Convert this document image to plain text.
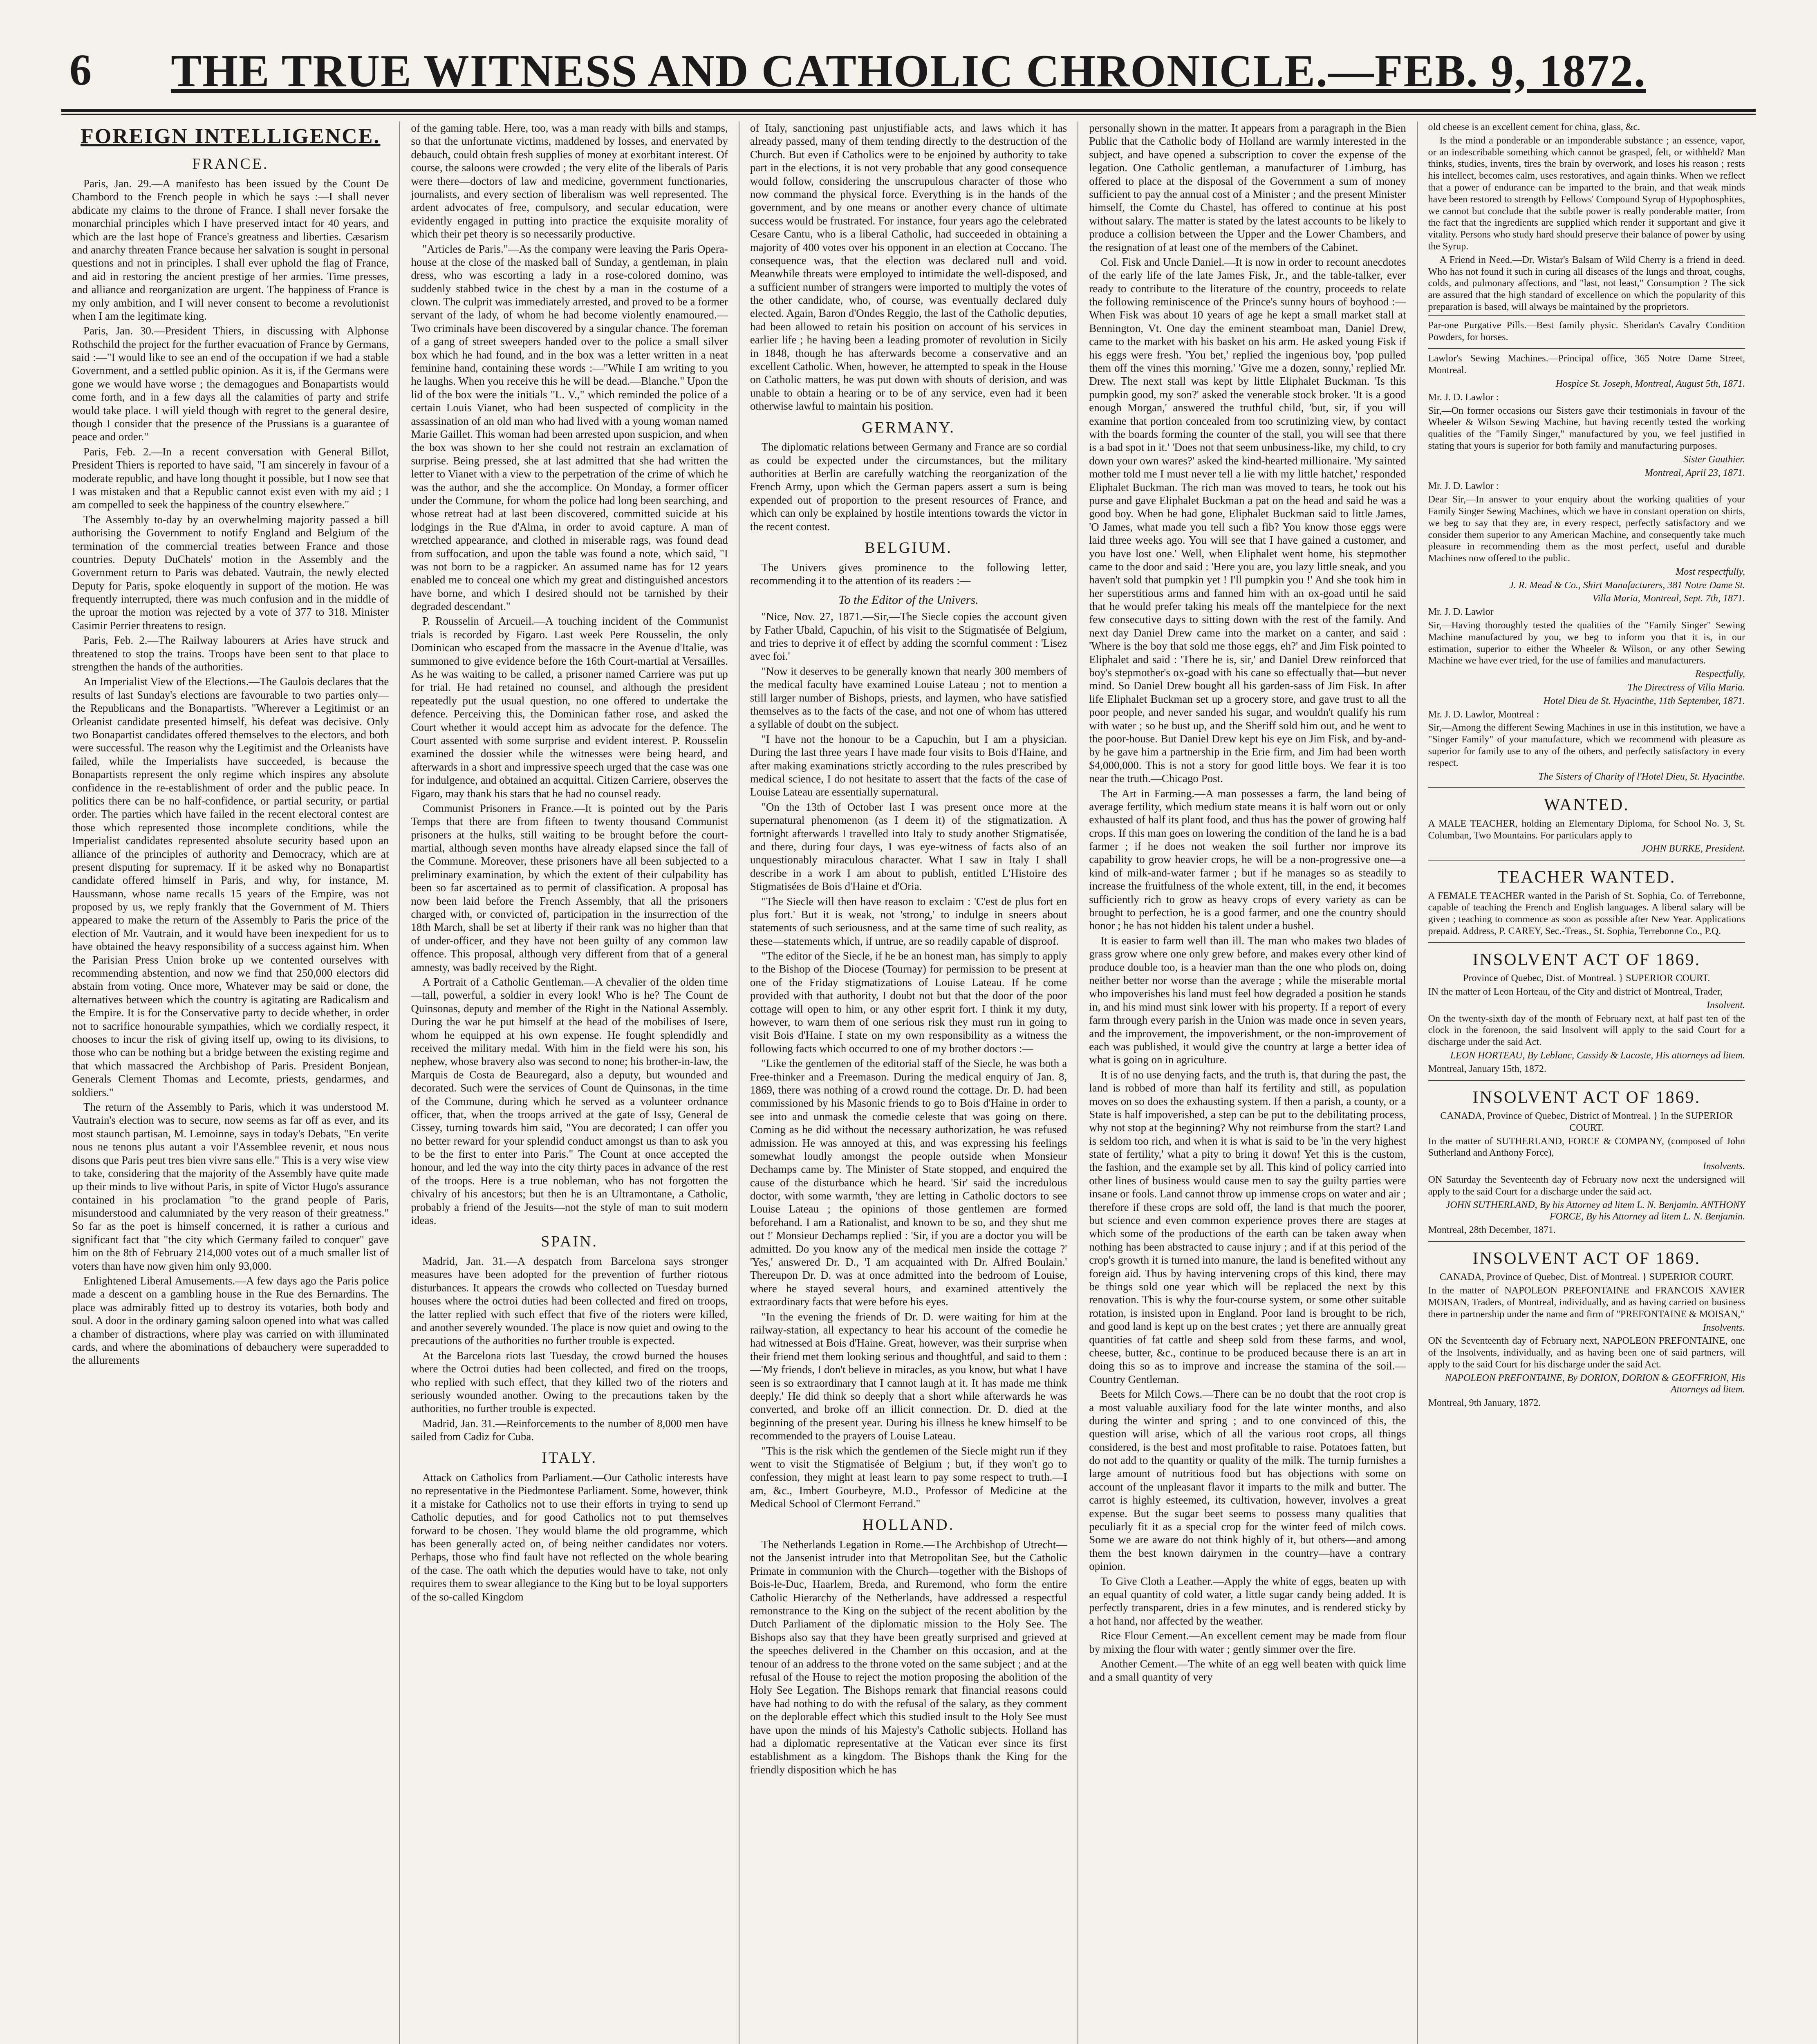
6	THE TRUE WITNESS AND CATHOLIC CHRONICLE.—FEB. 9, 1872.
FOREIGN INTELLIGENCE.
FRANCE.

Paris, Jan. 29.—A manifesto has been issued by the Count De Chambord to the French people in which he says :—I shall never abdicate my claims to the throne of France. I shall never forsake the monarchial principles which I have preserved intact for 40 years, and which are the last hope of France's greatness and liberties. Cæsarism and anarchy threaten France because her salvation is sought in personal questions and not in principles. I shall ever uphold the flag of France, and aid in restoring the ancient prestige of her armies. Time presses, and alliance and reorganization are urgent. The happiness of France is my only ambition, and I will never consent to become a revolutionist when I am the legitimate king.

Paris, Jan. 30.—President Thiers, in discussing with Alphonse Rothschild the project for the further evacuation of France by Germans, said :—"I would like to see an end of the occupation if we had a stable Government, and a settled public opinion. As it is, if the Germans were gone we would have worse ; the demagogues and Bonapartists would come forth, and in a few days all the calamities of party and strife would take place. I will yield though with regret to the general desire, though I consider that the presence of the Prussians is a guarantee of peace and order."

Paris, Feb. 2.—In a recent conversation with General Billot, President Thiers is reported to have said, "I am sincerely in favour of a moderate republic, and have long thought it possible, but I now see that I was mistaken and that a Republic cannot exist even with my aid ; I am compelled to seek the happiness of the country elsewhere."

The Assembly to-day by an overwhelming majority passed a bill authorising the Government to notify England and Belgium of the termination of the commercial treaties between France and those countries. Deputy DuChatels' motion in the Assembly and the Government return to Paris was debated. Vautrain, the newly elected Deputy for Paris, spoke eloquently in support of the motion. He was frequently interrupted, there was much confusion and in the middle of the uproar the motion was rejected by a vote of 377 to 318. Minister Casimir Perrier threatens to resign.

Paris, Feb. 2.—The Railway labourers at Aries have struck and threatened to stop the trains. Troops have been sent to that place to strengthen the hands of the authorities.

An Imperialist View of the Elections.—The Gaulois declares that the results of last Sunday's elections are favourable to two parties only—the Republicans and the Bonapartists. "Wherever a Legitimist or an Orleanist candidate presented himself, his defeat was decisive. Only two Bonapartist candidates offered themselves to the electors, and both were successful. The reason why the Legitimist and the Orleanists have failed, while the Imperialists have succeeded, is because the Bonapartists represent the only regime which inspires any absolute confidence in the re-establishment of order and the public peace. In politics there can be no half-confidence, or partial security, or partial order. The parties which have failed in the recent electoral contest are those which represented those incomplete conditions, while the Imperialist candidates represented absolute security based upon an alliance of the principles of authority and Democracy, which are at present disputing for supremacy. If it be asked why no Bonapartist candidate offered himself in Paris, and why, for instance, M. Haussmann, whose name recalls 15 years of the Empire, was not proposed by us, we reply frankly that the Government of M. Thiers appeared to make the return of the Assembly to Paris the price of the election of Mr. Vautrain, and it would have been inexpedient for us to have obtained the heavy responsibility of a success against him. When the Parisian Press Union broke up we contented ourselves with recommending abstention, and now we find that 250,000 electors did abstain from voting. Once more, Whatever may be said or done, the alternatives between which the country is agitating are Radicalism and the Empire. It is for the Conservative party to decide whether, in order not to sacrifice honourable sympathies, which we cordially respect, it chooses to incur the risk of giving itself up, owing to its divisions, to those who can be nothing but a bridge between the existing regime and that which massacred the Archbishop of Paris. President Bonjean, Generals Clement Thomas and Lecomte, priests, gendarmes, and soldiers."

The return of the Assembly to Paris, which it was understood M. Vautrain's election was to secure, now seems as far off as ever, and its most staunch partisan, M. Lemoinne, says in today's Debats, "En verite nous ne tenons plus autant a voir l'Assemblee revenir, et nous nous disons que Paris peut tres bien vivre sans elle." This is a very wise view to take, considering that the majority of the Assembly have quite made up their minds to live without Paris, in spite of Victor Hugo's assurance contained in his proclamation "to the grand people of Paris, misunderstood and calumniated by the very reason of their greatness." So far as the poet is himself concerned, it is rather a curious and significant fact that "the city which Germany failed to conquer" gave him on the 8th of February 214,000 votes out of a much smaller list of voters than have now given him only 93,000.

Enlightened Liberal Amusements.—A few days ago the Paris police made a descent on a gambling house in the Rue des Bernardins. The place was admirably fitted up to destroy its votaries, both body and soul. A door in the ordinary gaming saloon opened into what was called a chamber of distractions, where play was carried on with illuminated cards, and where the abominations of debauchery were superadded to the allurements

of the gaming table. Here, too, was a man ready with bills and stamps, so that the unfortunate victims, maddened by losses, and enervated by debauch, could obtain fresh supplies of money at exorbitant interest. Of course, the saloons were crowded ; the very elite of the liberals of Paris were there—doctors of law and medicine, government functionaries, journalists, and every section of liberalism was well represented. The ardent advocates of free, compulsory, and secular education, were evidently engaged in putting into practice the exquisite morality of which their pet theory is so necessarily productive.

"Articles de Paris."—As the company were leaving the Paris Opera-house at the close of the masked ball of Sunday, a gentleman, in plain dress, who was escorting a lady in a rose-colored domino, was suddenly stabbed twice in the chest by a man in the costume of a clown. The culprit was immediately arrested, and proved to be a former servant of the lady, of whom he had become violently enamoured.—Two criminals have been discovered by a singular chance. The foreman of a gang of street sweepers handed over to the police a small silver box which he had found, and in the box was a letter written in a neat feminine hand, containing these words :—"While I am writing to you he laughs. When you receive this he will be dead.—Blanche." Upon the lid of the box were the initials "L. V.," which reminded the police of a certain Louis Vianet, who had been suspected of complicity in the assassination of an old man who had lived with a young woman named Marie Gaillet. This woman had been arrested upon suspicion, and when the box was shown to her she could not restrain an exclamation of surprise. Being pressed, she at last admitted that she had written the letter to Vianet with a view to the perpetration of the crime of which he was the author, and she the accomplice. On Monday, a former officer under the Commune, for whom the police had long been searching, and whose retreat had at last been discovered, committed suicide at his lodgings in the Rue d'Alma, in order to avoid capture. A man of wretched appearance, and clothed in miserable rags, was found dead from suffocation, and upon the table was found a note, which said, "I was not born to be a ragpicker. An assumed name has for 12 years enabled me to conceal one which my great and distinguished ancestors have borne, and which I desired should not be tarnished by their degraded descendant."

P. Rousselin of Arcueil.—A touching incident of the Communist trials is recorded by Figaro. Last week Pere Rousselin, the only Dominican who escaped from the massacre in the Avenue d'Italie, was summoned to give evidence before the 16th Court-martial at Versailles. As he was waiting to be called, a prisoner named Carriere was put up for trial. He had retained no counsel, and although the president repeatedly put the usual question, no one offered to undertake the defence. Perceiving this, the Dominican father rose, and asked the Court whether it would accept him as advocate for the defence. The Court assented with some surprise and evident interest. P. Rousselin examined the dossier while the witnesses were being heard, and afterwards in a short and impressive speech urged that the case was one for indulgence, and obtained an acquittal. Citizen Carriere, observes the Figaro, may thank his stars that he had no counsel ready.

Communist Prisoners in France.—It is pointed out by the Paris Temps that there are from fifteen to twenty thousand Communist prisoners at the hulks, still waiting to be brought before the court-martial, although seven months have already elapsed since the fall of the Commune. Moreover, these prisoners have all been subjected to a preliminary examination, by which the extent of their culpability has been so far ascertained as to permit of classification. A proposal has now been laid before the French Assembly, that all the prisoners charged with, or convicted of, participation in the insurrection of the 18th March, shall be set at liberty if their rank was no higher than that of under-officer, and they have not been guilty of any common law offence. This proposal, although very different from that of a general amnesty, was badly received by the Right.

A Portrait of a Catholic Gentleman.—A chevalier of the olden time—tall, powerful, a soldier in every look! Who is he? The Count de Quinsonas, deputy and member of the Right in the National Assembly. During the war he put himself at the head of the mobilises of Isere, whom he equipped at his own expense. He fought splendidly and received the military medal. With him in the field were his son, his nephew, whose bravery also was second to none; his brother-in-law, the Marquis de Costa de Beauregard, also a deputy, but wounded and decorated. Such were the services of Count de Quinsonas, in the time of the Commune, during which he served as a volunteer ordnance officer, that, when the troops arrived at the gate of Issy, General de Cissey, turning towards him said, "You are decorated; I can offer you no better reward for your splendid conduct amongst us than to ask you to be the first to enter into Paris." The Count at once accepted the honour, and led the way into the city thirty paces in advance of the rest of the troops. Here is a true nobleman, who has not forgotten the chivalry of his ancestors; but then he is an Ultramontane, a Catholic, probably a friend of the Jesuits—not the style of man to suit modern ideas.

SPAIN.

Madrid, Jan. 31.—A despatch from Barcelona says stronger measures have been adopted for the prevention of further riotous disturbances. It appears the crowds who collected on Tuesday burned houses where the octroi duties had been collected and fired on troops, the latter replied with such effect that five of the rioters were killed, and another severely wounded. The place is now quiet and owing to the precautions of the authorities no further trouble is expected.

At the Barcelona riots last Tuesday, the crowd burned the houses where the Octroi duties had been collected, and fired on the troops, who replied with such effect, that they killed two of the rioters and seriously wounded another. Owing to the precautions taken by the authorities, no further trouble is expected.

Madrid, Jan. 31.—Reinforcements to the number of 8,000 men have sailed from Cadiz for Cuba.

ITALY.

Attack on Catholics from Parliament.—Our Catholic interests have no representative in the Piedmontese Parliament. Some, however, think it a mistake for Catholics not to use their efforts in trying to send up Catholic deputies, and for good Catholics not to put themselves forward to be chosen. They would blame the old programme, which has been generally acted on, of being neither candidates nor voters. Perhaps, those who find fault have not reflected on the whole bearing of the case. The oath which the deputies would have to take, not only requires them to swear allegiance to the King but to be loyal supporters of the so-called Kingdom

of Italy, sanctioning past unjustifiable acts, and laws which it has already passed, many of them tending directly to the destruction of the Church. But even if Catholics were to be enjoined by authority to take part in the elections, it is not very probable that any good consequence would follow, considering the unscrupulous character of those who now command the physical force. Everything is in the hands of the government, and by one means or another every chance of ultimate success would be frustrated. For instance, four years ago the celebrated Cesare Cantu, who is a liberal Catholic, had succeeded in obtaining a majority of 400 votes over his opponent in an election at Coccano. The consequence was, that the election was declared null and void. Meanwhile threats were employed to intimidate the well-disposed, and a sufficient number of strangers were imported to multiply the votes of the other candidate, who, of course, was eventually declared duly elected. Again, Baron d'Ondes Reggio, the last of the Catholic deputies, had been allowed to retain his position on account of his services in earlier life ; he having been a leading promoter of revolution in Sicily in 1848, though he has afterwards become a conservative and an excellent Catholic. When, however, he attempted to speak in the House on Catholic matters, he was put down with shouts of derision, and was unable to obtain a hearing or to be of any service, even had it been otherwise lawful to maintain his position.

GERMANY.

The diplomatic relations between Germany and France are so cordial as could be expected under the circumstances, but the military authorities at Berlin are carefully watching the reorganization of the French Army, upon which the German papers assert a sum is being expended out of proportion to the present resources of France, and which can only be explained by hostile intentions towards the victor in the recent contest.

BELGIUM.

The Univers gives prominence to the following letter, recommending it to the attention of its readers :—

To the Editor of the Univers.

"Nice, Nov. 27, 1871.—Sir,—The Siecle copies the account given by Father Ubald, Capuchin, of his visit to the Stigmatisée of Belgium, and tries to deprive it of effect by adding the scornful comment : 'Lisez avec foi.'

"Now it deserves to be generally known that nearly 300 members of the medical faculty have examined Louise Lateau ; not to mention a still larger number of Bishops, priests, and laymen, who have satisfied themselves as to the facts of the case, and not one of whom has uttered a syllable of doubt on the subject.

"I have not the honour to be a Capuchin, but I am a physician. During the last three years I have made four visits to Bois d'Haine, and after making examinations strictly according to the rules prescribed by medical science, I do not hesitate to assert that the facts of the case of Louise Lateau are essentially supernatural.

"On the 13th of October last I was present once more at the supernatural phenomenon (as I deem it) of the stigmatization. A fortnight afterwards I travelled into Italy to study another Stigmatisée, and there, during four days, I was eye-witness of facts also of an unquestionably miraculous character. What I saw in Italy I shall describe in a work I am about to publish, entitled L'Histoire des Stigmatisées de Bois d'Haine et d'Oria.

"The Siecle will then have reason to exclaim : 'C'est de plus fort en plus fort.' But it is weak, not 'strong,' to indulge in sneers about statements of such seriousness, and at the same time of such reality, as these—statements which, if untrue, are so readily capable of disproof.

"The editor of the Siecle, if he be an honest man, has simply to apply to the Bishop of the Diocese (Tournay) for permission to be present at one of the Friday stigmatizations of Louise Lateau. If he come provided with that authority, I doubt not but that the door of the poor cottage will open to him, or any other esprit fort. I think it my duty, however, to warn them of one serious risk they must run in going to visit Bois d'Haine. I state on my own responsibility as a witness the following facts which occurred to one of my brother doctors :—

"Like the gentlemen of the editorial staff of the Siecle, he was both a Free-thinker and a Freemason. During the medical enquiry of Jan. 8, 1869, there was nothing of a crowd round the cottage. Dr. D. had been commissioned by his Masonic friends to go to Bois d'Haine in order to see into and unmask the comedie celeste that was going on there. Coming as he did without the necessary authorization, he was refused admission. He was annoyed at this, and was expressing his feelings somewhat loudly amongst the people outside when Monsieur Dechamps came by. The Minister of State stopped, and enquired the cause of the disturbance which he heard. 'Sir' said the incredulous doctor, with some warmth, 'they are letting in Catholic doctors to see Louise Lateau ; the opinions of those gentlemen are formed beforehand. I am a Rationalist, and known to be so, and they shut me out !' Monsieur Dechamps replied : 'Sir, if you are a doctor you will be admitted. Do you know any of the medical men inside the cottage ?' 'Yes,' answered Dr. D., 'I am acquainted with Dr. Alfred Boulain.' Thereupon Dr. D. was at once admitted into the bedroom of Louise, where he stayed several hours, and examined attentively the extraordinary facts that were before his eyes.

"In the evening the friends of Dr. D. were waiting for him at the railway-station, all expectancy to hear his account of the comedie he had witnessed at Bois d'Haine. Great, however, was their surprise when their friend met them looking serious and thoughtful, and said to them :—'My friends, I don't believe in miracles, as you know, but what I have seen is so extraordinary that I cannot laugh at it. It has made me think deeply.' He did think so deeply that a short while afterwards he was converted, and broke off an illicit connection. Dr. D. died at the beginning of the present year. During his illness he knew himself to be recommended to the prayers of Louise Lateau.

"This is the risk which the gentlemen of the Siecle might run if they went to visit the Stigmatisée of Belgium ; but, if they won't go to confession, they might at least learn to pay some respect to truth.—I am, &c., Imbert Gourbeyre, M.D., Professor of Medicine at the Medical School of Clermont Ferrand."

HOLLAND.

The Netherlands Legation in Rome.—The Archbishop of Utrecht—not the Jansenist intruder into that Metropolitan See, but the Catholic Primate in communion with the Church—together with the Bishops of Bois-le-Duc, Haarlem, Breda, and Ruremond, who form the entire Catholic Hierarchy of the Netherlands, have addressed a respectful remonstrance to the King on the subject of the recent abolition by the Dutch Parliament of the diplomatic mission to the Holy See. The Bishops also say that they have been greatly surprised and grieved at the speeches delivered in the Chamber on this occasion, and at the tenour of an address to the throne voted on the same subject ; and at the refusal of the House to reject the motion proposing the abolition of the Holy See Legation. The Bishops remark that financial reasons could have had nothing to do with the refusal of the salary, as they comment on the deplorable effect which this studied insult to the Holy See must have upon the minds of his Majesty's Catholic subjects. Holland has had a diplomatic representative at the Vatican ever since its first establishment as a kingdom. The Bishops thank the King for the friendly disposition which he has

personally shown in the matter. It appears from a paragraph in the Bien Public that the Catholic body of Holland are warmly interested in the subject, and have opened a subscription to cover the expense of the legation. One Catholic gentleman, a manufacturer of Limburg, has offered to place at the disposal of the Government a sum of money sufficient to pay the annual cost of a Minister ; and the present Minister himself, the Comte du Chastel, has offered to continue at his post without salary. The matter is stated by the latest accounts to be likely to produce a collision between the Upper and the Lower Chambers, and the resignation of at least one of the members of the Cabinet.

Col. Fisk and Uncle Daniel.—It is now in order to recount anecdotes of the early life of the late James Fisk, Jr., and the table-talker, ever ready to contribute to the literature of the country, proceeds to relate the following reminiscence of the Prince's sunny hours of boyhood :—When Fisk was about 10 years of age he kept a small market stall at Bennington, Vt. One day the eminent steamboat man, Daniel Drew, came to the market with his basket on his arm. He asked young Fisk if his eggs were fresh. 'You bet,' replied the ingenious boy, 'pop pulled them off the vines this morning.' 'Give me a dozen, sonny,' replied Mr. Drew. The next stall was kept by little Eliphalet Buckman. 'Is this pumpkin good, my son?' asked the venerable stock broker. 'It is a good enough Morgan,' answered the truthful child, 'but, sir, if you will examine that portion concealed from too scrutinizing view, by contact with the boards forming the counter of the stall, you will see that there is a bad spot in it.' 'Does not that seem unbusiness-like, my child, to cry down your own wares?' asked the kind-hearted millionaire. 'My sainted mother told me I must never tell a lie with my little hatchet,' responded Eliphalet Buckman. The rich man was moved to tears, he took out his purse and gave Eliphalet Buckman a pat on the head and said he was a good boy. When he had gone, Eliphalet Buckman said to little James, 'O James, what made you tell such a fib? You know those eggs were laid three weeks ago. You will see that I have gained a customer, and you have lost one.' Well, when Eliphalet went home, his stepmother came to the door and said : 'Here you are, you lazy little sneak, and you haven't sold that pumpkin yet ! I'll pumpkin you !' And she took him in her superstitious arms and fanned him with an ox-goad until he said that he would prefer taking his meals off the mantelpiece for the next few consecutive days to sitting down with the rest of the family. And next day Daniel Drew came into the market on a canter, and said : 'Where is the boy that sold me those eggs, eh?' and Jim Fisk pointed to Eliphalet and said : 'There he is, sir,' and Daniel Drew reinforced that boy's stepmother's ox-goad with his cane so effectually that—but never mind. So Daniel Drew bought all his garden-sass of Jim Fisk. In after life Eliphalet Buckman set up a grocery store, and gave trust to all the poor people, and never sanded his sugar, and wouldn't qualify his rum with water ; so he bust up, and the Sheriff sold him out, and he went to the poor-house. But Daniel Drew kept his eye on Jim Fisk, and by-and-by he gave him a partnership in the Erie firm, and Jim had been worth $4,000,000. This is not a story for good little boys. We fear it is too near the truth.—Chicago Post.

The Art in Farming.—A man possesses a farm, the land being of average fertility, which medium state means it is half worn out or only exhausted of half its plant food, and thus has the power of growing half crops. If this man goes on lowering the condition of the land he is a bad farmer ; if he does not weaken the soil further nor improve its capability to grow heavier crops, he will be a non-progressive one—a kind of milk-and-water farmer ; but if he manages so as steadily to increase the fruitfulness of the whole extent, till, in the end, it becomes sufficiently rich to grow as heavy crops of every variety as can be brought to perfection, he is a good farmer, and one the country should honor ; he has not hidden his talent under a bushel.

It is easier to farm well than ill. The man who makes two blades of grass grow where one only grew before, and makes every other kind of produce double too, is a heavier man than the one who plods on, doing neither better nor worse than the average ; while the miserable mortal who impoverishes his land must feel how degraded a position he stands in, and his mind must sink lower with his property. If a report of every farm through every parish in the Union was made once in seven years, and the improvement, the impoverishment, or the non-improvement of each was published, it would give the country at large a better idea of what is going on in agriculture.

It is of no use denying facts, and the truth is, that during the past, the land is robbed of more than half its fertility and still, as population moves on so does the exhausting system. If then a parish, a county, or a State is half impoverished, a step can be put to the debilitating process, why not stop at the beginning? Why not reimburse from the start? Land is seldom too rich, and when it is what is said to be 'in the very highest state of fertility,' what a pity to bring it down! Yet this is the custom, the fashion, and the example set by all. This kind of policy carried into other lines of business would cause men to say the guilty parties were insane or fools. Land cannot throw up immense crops on water and air ; therefore if these crops are sold off, the land is that much the poorer, but science and even common experience proves there are stages at which some of the productions of the earth can be taken away when nothing has been abstracted to cause injury ; and if at this period of the crop's growth it is turned into manure, the land is benefited without any foreign aid. Thus by having intervening crops of this kind, there may be things sold one year which will be replaced the next by this renovation. This is why the four-course system, or some other suitable rotation, is insisted upon in England. Poor land is brought to be rich, and good land is kept up on the best crates ; yet there are annually great quantities of fat cattle and sheep sold from these farms, and wool, cheese, butter, &c., continue to be produced because there is an art in doing this so as to improve and increase the stamina of the soil.—Country Gentleman.

Beets for Milch Cows.—There can be no doubt that the root crop is a most valuable auxiliary food for the late winter months, and also during the winter and spring ; and to one convinced of this, the question will arise, which of all the various root crops, all things considered, is the best and most profitable to raise. Potatoes fatten, but do not add to the quantity or quality of the milk. The turnip furnishes a large amount of nutritious food but has objections with some on account of the unpleasant flavor it imparts to the milk and butter. The carrot is highly esteemed, its cultivation, however, involves a great expense. But the sugar beet seems to possess many qualities that peculiarly fit it as a special crop for the winter feed of milch cows. Some we are aware do not think highly of it, but others—and among them the best known dairymen in the country—have a contrary opinion.

To Give Cloth a Leather.—Apply the white of eggs, beaten up with an equal quantity of cold water, a little sugar candy being added. It is perfectly transparent, dries in a few minutes, and is rendered sticky by a hot hand, nor affected by the weather.

Rice Flour Cement.—An excellent cement may be made from flour by mixing the flour with water ; gently simmer over the fire.

Another Cement.—The white of an egg well beaten with quick lime and a small quantity of very

old cheese is an excellent cement for china, glass, &c.

Is the mind a ponderable or an imponderable substance ; an essence, vapor, or an indescribable something which cannot be grasped, felt, or withheld? Man thinks, studies, invents, tires the brain by overwork, and loses his reason ; rests his intellect, becomes calm, uses restoratives, and again thinks. When we reflect that a power of endurance can be imparted to the brain, and that weak minds have been restored to strength by Fellows' Compound Syrup of Hypophosphites, we cannot but conclude that the subtle power is really ponderable matter, from the fact that the ingredients are supplied which render it supportant and give it vitality. Persons who study hard should preserve their balance of power by using the Syrup.

A Friend in Need.—Dr. Wistar's Balsam of Wild Cherry is a friend in deed. Who has not found it such in curing all diseases of the lungs and throat, coughs, colds, and pulmonary affections, and "last, not least," Consumption ? The sick are assured that the high standard of excellence on which the popularity of this preparation is based, will always be maintained by the proprietors.

Par-one Purgative Pills.—Best family physic. Sheridan's Cavalry Condition Powders, for horses.

Lawlor's Sewing Machines.—Principal office, 365 Notre Dame Street, Montreal.

Hospice St. Joseph, Montreal, August 5th, 1871.

Mr. J. D. Lawlor :

Sir,—On former occasions our Sisters gave their testimonials in favour of the Wheeler & Wilson Sewing Machine, but having recently tested the working qualities of the "Family Singer," manufactured by you, we feel justified in stating that yours is superior for both family and manufacturing purposes.

Sister Gauthier.

Montreal, April 23, 1871.

Mr. J. D. Lawlor :

Dear Sir,—In answer to your enquiry about the working qualities of your Family Singer Sewing Machines, which we have in constant operation on shirts, we beg to say that they are, in every respect, perfectly satisfactory and we consider them superior to any American Machine, and consequently take much pleasure in recommending them as the most perfect, useful and durable Machines now offered to the public.

Most respectfully,

J. R. Mead & Co., Shirt Manufacturers, 381 Notre Dame St.

Villa Maria, Montreal, Sept. 7th, 1871.

Mr. J. D. Lawlor

Sir,—Having thoroughly tested the qualities of the "Family Singer" Sewing Machine manufactured by you, we beg to inform you that it is, in our estimation, superior to either the Wheeler & Wilson, or any other Sewing Machine we have ever tried, for the use of families and manufacturers.

Respectfully,

The Directress of Villa Maria.

Hotel Dieu de St. Hyacinthe, 11th September, 1871.

Mr. J. D. Lawlor, Montreal :

Sir,—Among the different Sewing Machines in use in this institution, we have a "Singer Family" of your manufacture, which we recommend with pleasure as superior for family use to any of the others, and perfectly satisfactory in every respect.

The Sisters of Charity of l'Hotel Dieu, St. Hyacinthe.

WANTED.

A MALE TEACHER, holding an Elementary Diploma, for School No. 3, St. Columban, Two Mountains. For particulars apply to

JOHN BURKE, President.

TEACHER WANTED.

A FEMALE TEACHER wanted in the Parish of St. Sophia, Co. of Terrebonne, capable of teaching the French and English languages. A liberal salary will be given ; teaching to commence as soon as possible after New Year. Applications prepaid. Address, P. CAREY, Sec.-Treas., St. Sophia, Terrebonne Co., P.Q.

INSOLVENT ACT OF 1869.

Province of Quebec, Dist. of Montreal. } SUPERIOR COURT.

IN the matter of Leon Horteau, of the City and district of Montreal, Trader,

Insolvent.

On the twenty-sixth day of the month of February next, at half past ten of the clock in the forenoon, the said Insolvent will apply to the said Court for a discharge under the said Act.

LEON HORTEAU, By Leblanc, Cassidy & Lacoste, His attorneys ad litem.

Montreal, January 15th, 1872.

INSOLVENT ACT OF 1869.

CANADA, Province of Quebec, District of Montreal. } In the SUPERIOR COURT.

In the matter of SUTHERLAND, FORCE & COMPANY, (composed of John Sutherland and Anthony Force),

Insolvents.

ON Saturday the Seventeenth day of February now next the undersigned will apply to the said Court for a discharge under the said act.

JOHN SUTHERLAND, By his Attorney ad litem L. N. Benjamin. ANTHONY FORCE, By his Attorney ad litem L. N. Benjamin.

Montreal, 28th December, 1871.

INSOLVENT ACT OF 1869.

CANADA, Province of Quebec, Dist. of Montreal. } SUPERIOR COURT.

In the matter of NAPOLEON PREFONTAINE and FRANCOIS XAVIER MOISAN, Traders, of Montreal, individually, and as having carried on business there in partnership under the name and firm of "PREFONTAINE & MOISAN,"

Insolvents.

ON the Seventeenth day of February next, NAPOLEON PREFONTAINE, one of the Insolvents, individually, and as having been one of said partners, will apply to the said Court for his discharge under the said Act.

NAPOLEON PREFONTAINE, By DORION, DORION & GEOFFRION, His Attorneys ad litem.

Montreal, 9th January, 1872.
